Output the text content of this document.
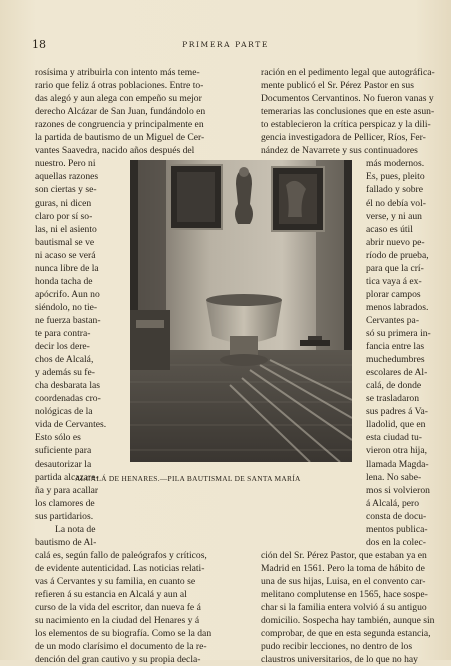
18	PRIMERA PARTE
rosísima y atribuirla con intento más teme-
rario que feliz á otras poblaciones. Entre to-
das alegó y aun alega con empeño su mejor
derecho Alcázar de San Juan, fundándolo en
razones de congruencia y principalmente en
la partida de bautismo de un Miguel de Cer-
vantes Saavedra, nacido años después del
nuestro. Pero ni
aquellas razones
son ciertas y se-
guras, ni dicen
claro por sí so-
las, ni el asiento
bautismal se ve
ni acaso se verá
nunca libre de la
honda tacha de
apócrifo. Aun no
siéndolo, no tie-
ne fuerza bastan-
te para contra-
decir los dere-
chos de Alcalá,
y además su fe-
cha desbarata las
coordenadas cro-
nológicas de la
vida de Cervantes.
Esto sólo es
suficiente para
desautorizar la
partida alcazare-
ña y para acallar
los clamores de
sus partidarios.
La nota de
bautismo de Al-
calá es, según fallo de paleógrafos y críticos,
de evidente autenticidad. Las noticias relati-
vas á Cervantes y su familia, en cuanto se
refieren á su estancia en Alcalá y aun al
curso de la vida del escritor, dan nueva fe á
su nacimiento en la ciudad del Henares y á
los elementos de su biografía. Como se la dan
de un modo clarísimo el documento de la re-
dención del gran cautivo y su propia decla-
ración en el pedimento legal que autográfica-
mente publicó el Sr. Pérez Pastor en sus
Documentos Cervantinos. No fueron vanas y
temerarias las conclusiones que en este asun-
to establecieron la crítica perspicaz y la dili-
gencia investigadora de Pellicer, Ríos, Fer-
nández de Navarrete y sus continuadores
más modernos.
Es, pues, pleito
fallado y sobre
él no debía vol-
verse, y ni aun
acaso es útil
abrir nuevo pe-
ríodo de prueba,
para que la crí-
tica vaya á ex-
plorar campos
menos labrados.
Cervantes pa-
só su primera in-
fancia entre las
muchedumbres
escolares de Al-
calá, de donde
se trasladaron
sus padres á Va-
lladolid, que en
esta ciudad tu-
vieron otra hija,
llamada Magda-
lena. No sabe-
mos si volvieron
á Alcalá, pero
consta de docu-
mentos publica-
dos en la colec-
ción del Sr. Pérez Pastor, que estaban ya en
Madrid en 1561. Pero la toma de hábito de
una de sus hijas, Luisa, en el convento car-
melitano complutense en 1565, hace sospe-
char si la familia entera volvió á su antiguo
domicilio. Sospecha hay también, aunque sin
comprobar, de que en esta segunda estancia,
pudo recibir lecciones, no dentro de los
claustros universitarios, de lo que no hay
ALCALÁ DE HENARES.—PILA BAUTISMAL DE SANTA MARÍA
